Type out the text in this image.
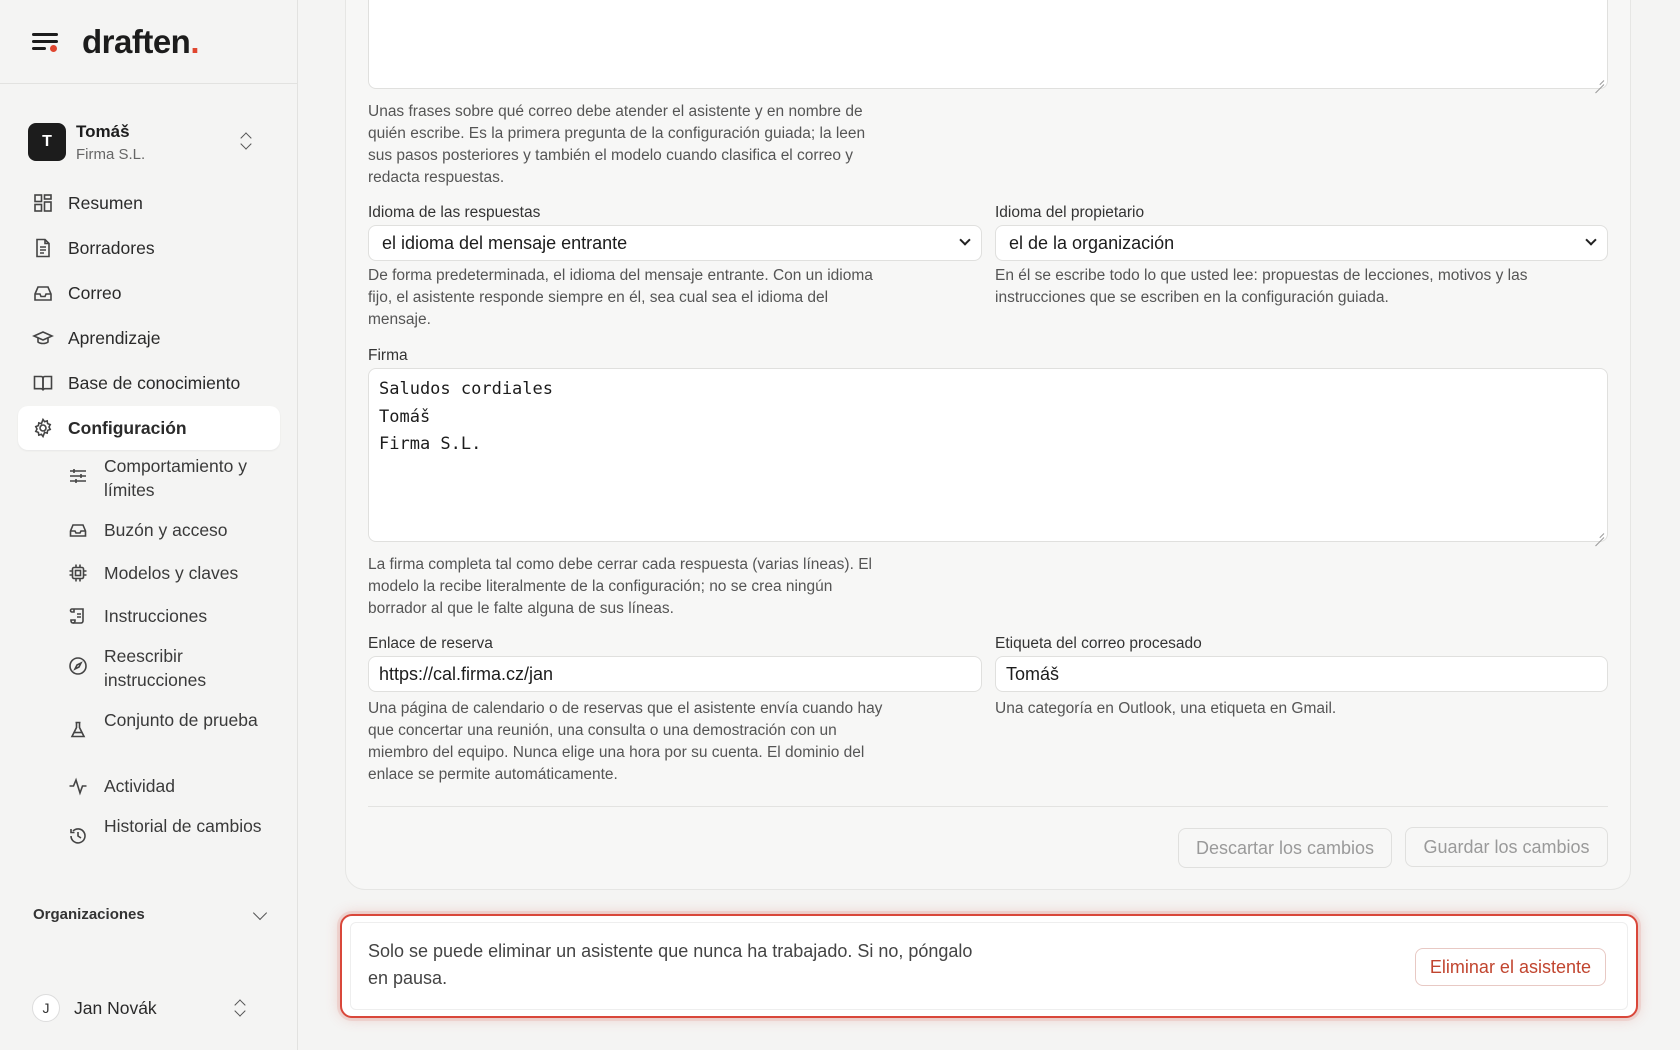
draften.
T
Tomáš
Firma S.L.
Resumen
Borradores
Correo
Aprendizaje
Base de conocimiento
Configuración
Comportamiento y límites
Buzón y acceso
Modelos y claves
Instrucciones
Reescribir instrucciones
Conjunto de prueba
Actividad
Historial de cambios
Organizaciones
J	Jan Novák
Unas frases sobre qué correo debe atender el asistente y en nombre de quién escribe. Es la primera pregunta de la configuración guiada; la leen sus pasos posteriores y también el modelo cuando clasifica el correo y redacta respuestas.
Idioma de las respuestas
el idioma del mensaje entrante
De forma predeterminada, el idioma del mensaje entrante. Con un idioma fijo, el asistente responde siempre en él, sea cual sea el idioma del mensaje.
Idioma del propietario
el de la organización
En él se escribe todo lo que usted lee: propuestas de lecciones, motivos y las instrucciones que se escriben en la configuración guiada.
Firma
Saludos cordiales
Tomáš
Firma S.L.
La firma completa tal como debe cerrar cada respuesta (varias líneas). El modelo la recibe literalmente de la configuración; no se crea ningún borrador al que le falte alguna de sus líneas.
Enlace de reserva
https://cal.firma.cz/jan
Una página de calendario o de reservas que el asistente envía cuando hay que concertar una reunión, una consulta o una demostración con un miembro del equipo. Nunca elige una hora por su cuenta. El dominio del enlace se permite automáticamente.
Etiqueta del correo procesado
Tomáš
Una categoría en Outlook, una etiqueta en Gmail.
Descartar los cambios	Guardar los cambios
Solo se puede eliminar un asistente que nunca ha trabajado. Si no, póngalo en pausa.
Eliminar el asistente
